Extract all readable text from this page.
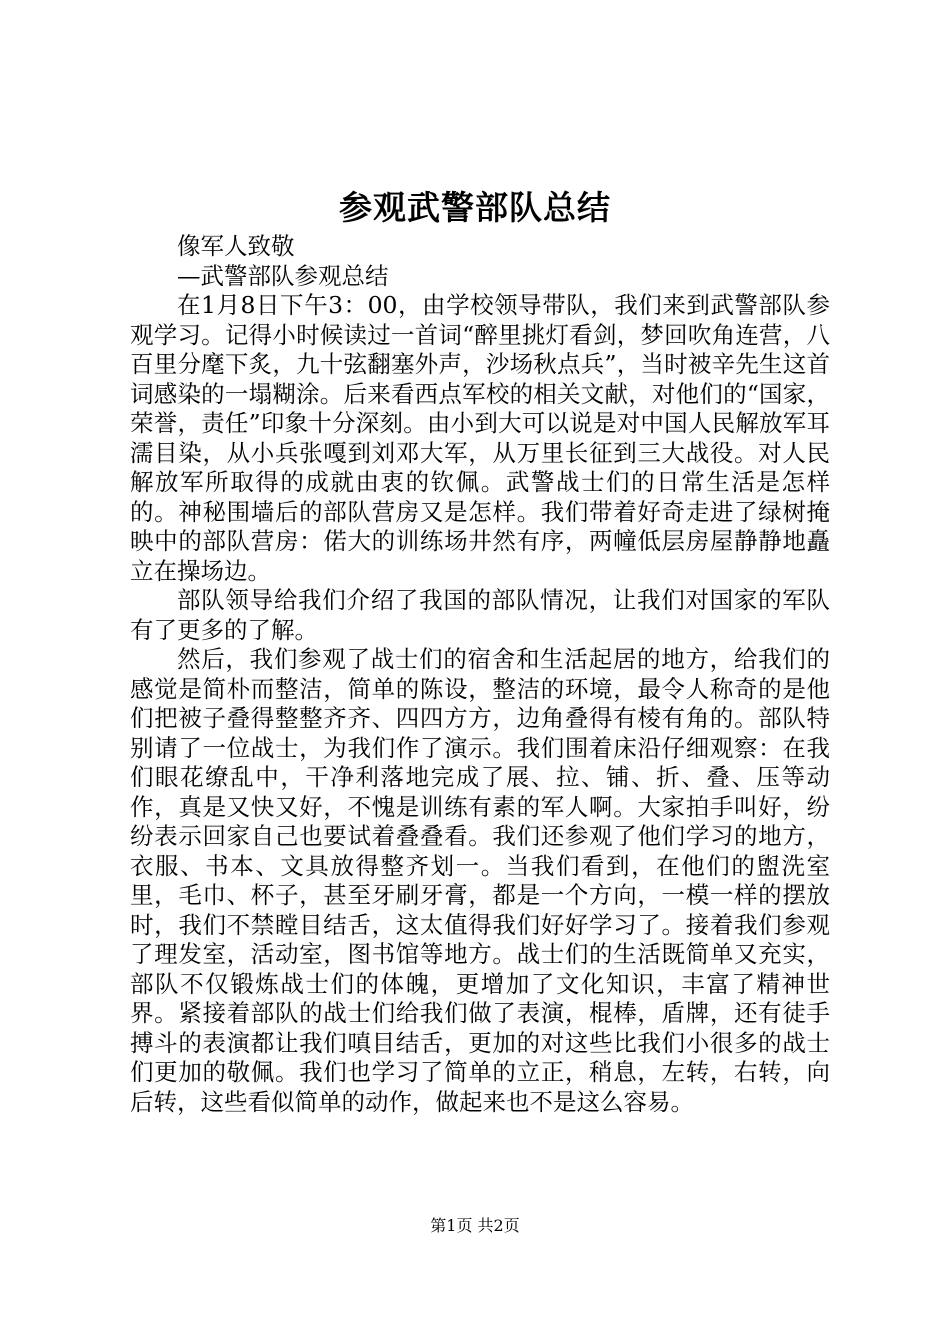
参观武警部队总结

像军人致敬

—武警部队参观总结

在1月8日下午3：00，由学校领导带队，我们来到武警部队参观学习。记得小时候读过一首词“醉里挑灯看剑，梦回吹角连营，八百里分麾下炙，九十弦翻塞外声，沙场秋点兵”，当时被辛先生这首词感染的一塌糊涂。后来看西点军校的相关文献，对他们的“国家，荣誉，责任”印象十分深刻。由小到大可以说是对中国人民解放军耳濡目染，从小兵张嘎到刘邓大军，从万里长征到三大战役。对人民解放军所取得的成就由衷的钦佩。武警战士们的日常生活是怎样的。神秘围墙后的部队营房又是怎样。我们带着好奇走进了绿树掩映中的部队营房：偌大的训练场井然有序，两幢低层房屋静静地矗立在操场边。

部队领导给我们介绍了我国的部队情况，让我们对国家的军队有了更多的了解。

然后，我们参观了战士们的宿舍和生活起居的地方，给我们的感觉是简朴而整洁，简单的陈设，整洁的环境，最令人称奇的是他们把被子叠得整整齐齐、四四方方，边角叠得有棱有角的。部队特别请了一位战士，为我们作了演示。我们围着床沿仔细观察：在我们眼花缭乱中，干净利落地完成了展、拉、铺、折、叠、压等动作，真是又快又好，不愧是训练有素的军人啊。大家拍手叫好，纷纷表示回家自己也要试着叠叠看。我们还参观了他们学习的地方，衣服、书本、文具放得整齐划一。当我们看到，在他们的盥洗室里，毛巾、杯子，甚至牙刷牙膏，都是一个方向，一模一样的摆放时，我们不禁瞠目结舌，这太值得我们好好学习了。接着我们参观了理发室，活动室，图书馆等地方。战士们的生活既简单又充实，部队不仅锻炼战士们的体魄，更增加了文化知识，丰富了精神世界。紧接着部队的战士们给我们做了表演，棍棒，盾牌，还有徒手搏斗的表演都让我们嗔目结舌，更加的对这些比我们小很多的战士们更加的敬佩。我们也学习了简单的立正，稍息，左转，右转，向后转，这些看似简单的动作，做起来也不是这么容易。

第1页 共2页
